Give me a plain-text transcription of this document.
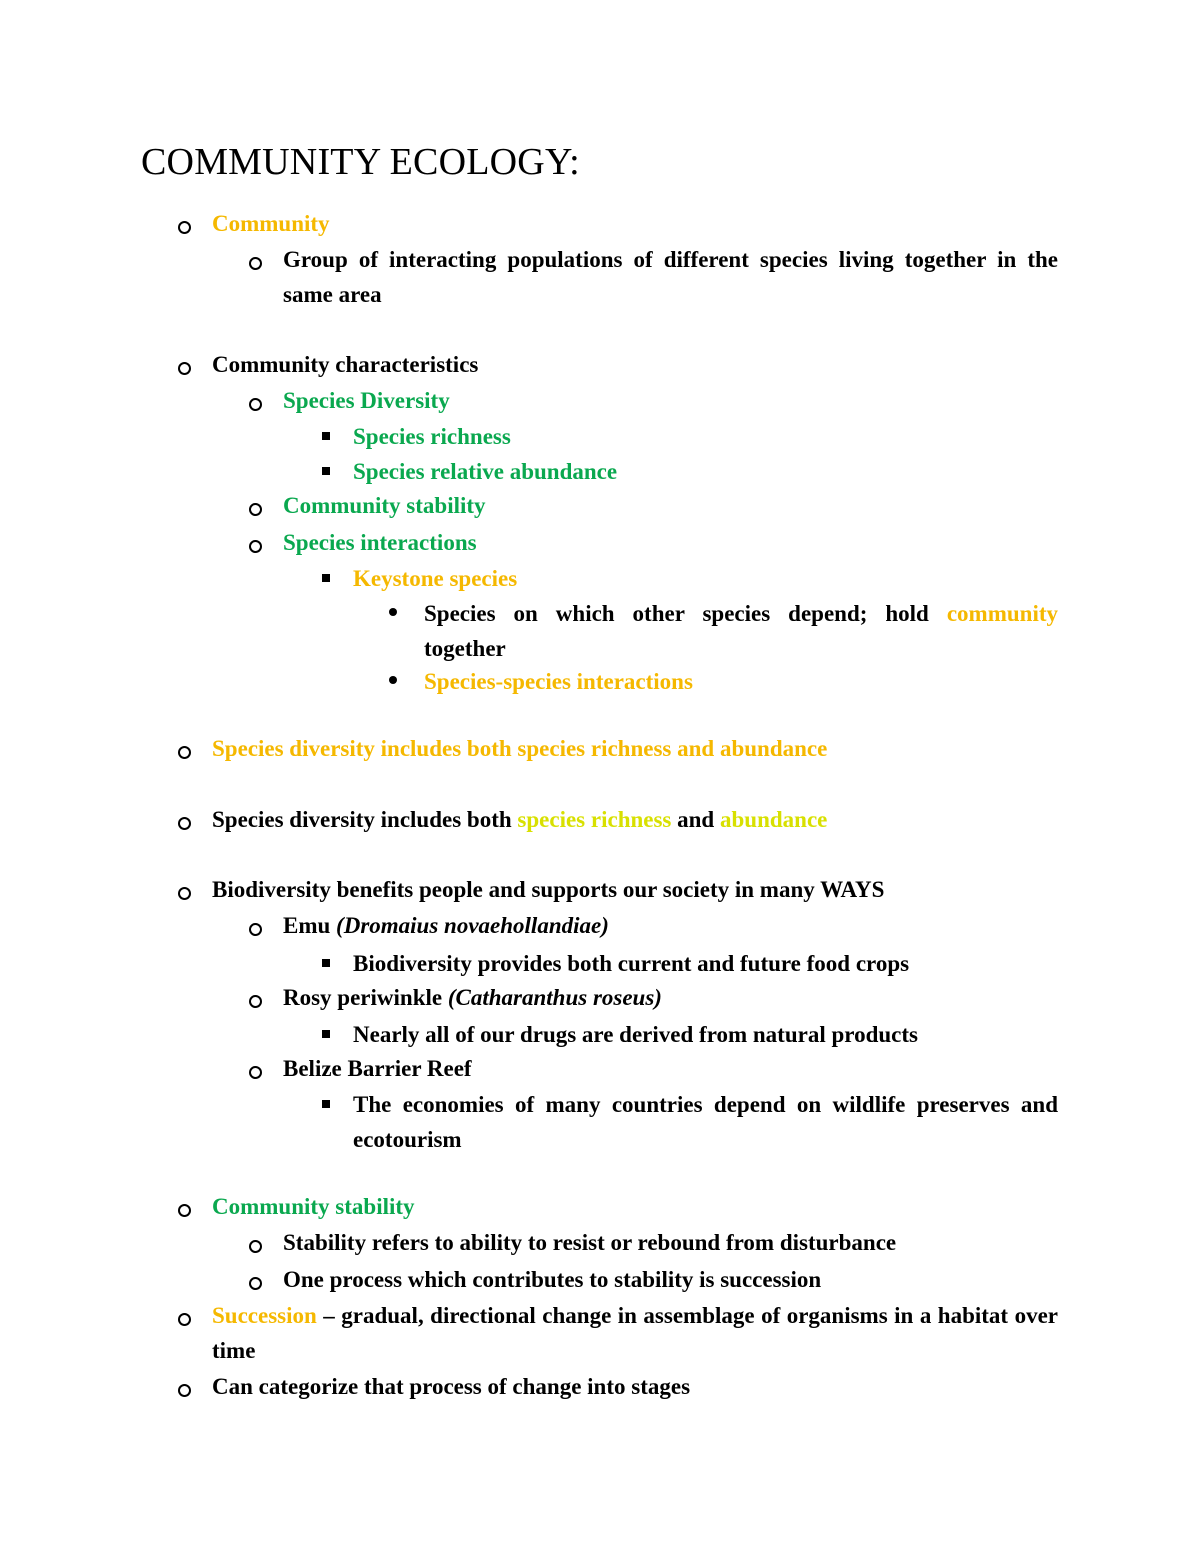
COMMUNITY ECOLOGY:
Community
Group of interacting populations of different species living together in the same area
Community characteristics
Species Diversity
Species richness
Species relative abundance
Community stability
Species interactions
Keystone species
Species on which other species depend; hold community together
Species-species interactions
Species diversity includes both species richness and abundance
Species diversity includes both species richness and abundance
Biodiversity benefits people and supports our society in many WAYS
Emu (Dromaius novaehollandiae)
Biodiversity provides both current and future food crops
Rosy periwinkle (Catharanthus roseus)
Nearly all of our drugs are derived from natural products
Belize Barrier Reef
The economies of many countries depend on wildlife preserves and ecotourism
Community stability
Stability refers to ability to resist or rebound from disturbance
One process which contributes to stability is succession
Succession – gradual, directional change in assemblage of organisms in a habitat over time
Can categorize that process of change into stages
